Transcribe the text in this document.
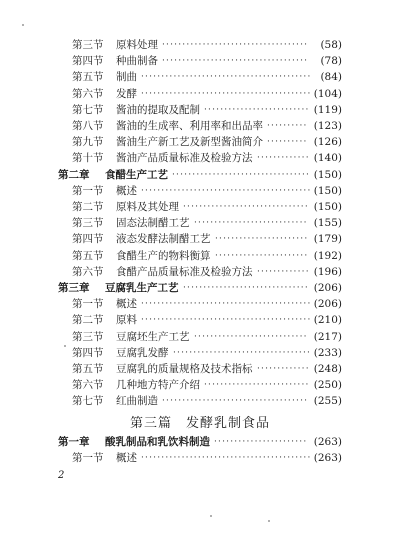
第三节 原料处理 ····································	(58)
第四节 种曲制备 ····································	(78)
第五节 制曲 ·········································· (84)
第六节 发酵 ·········································· (104)
第七节 酱油的提取及配制 ·························· (119)
第八节 酱油的生成率、利用率和出品率 ·········· (123)
第九节 酱油生产新工艺及新型酱油简介 ·········· (126)
第十节 酱油产品质量标准及检验方法 ············· (140)
第二章 食醋生产工艺 ·································· (150)
第一节 概述 ·········································· (150)
第二节 原料及其处理 ······························· (150)
第三节 固态法制醋工艺 ···························· (155)
第四节 液态发酵法制醋工艺 ······················· (179)
第五节 食醋生产的物料衡算 ······················· (192)
第六节 食醋产品质量标准及检验方法 ············· (196)
第三章 豆腐乳生产工艺 ······························· (206)
第一节 概述 ·········································· (206)
第二节 原料 ·········································· (210)
第三节 豆腐坯生产工艺 ···························· (217)
第四节 豆腐乳发酵 ·································· (233)
第五节 豆腐乳的质量规格及技术指标 ············· (248)
第六节 几种地方特产介绍 ·························· (250)
第七节 红曲制造 ···································· (255)
第三篇　发酵乳制食品
第一章 酸乳制品和乳饮料制造 ······················· (263)
第一节 概述 ·········································· (263)
2
